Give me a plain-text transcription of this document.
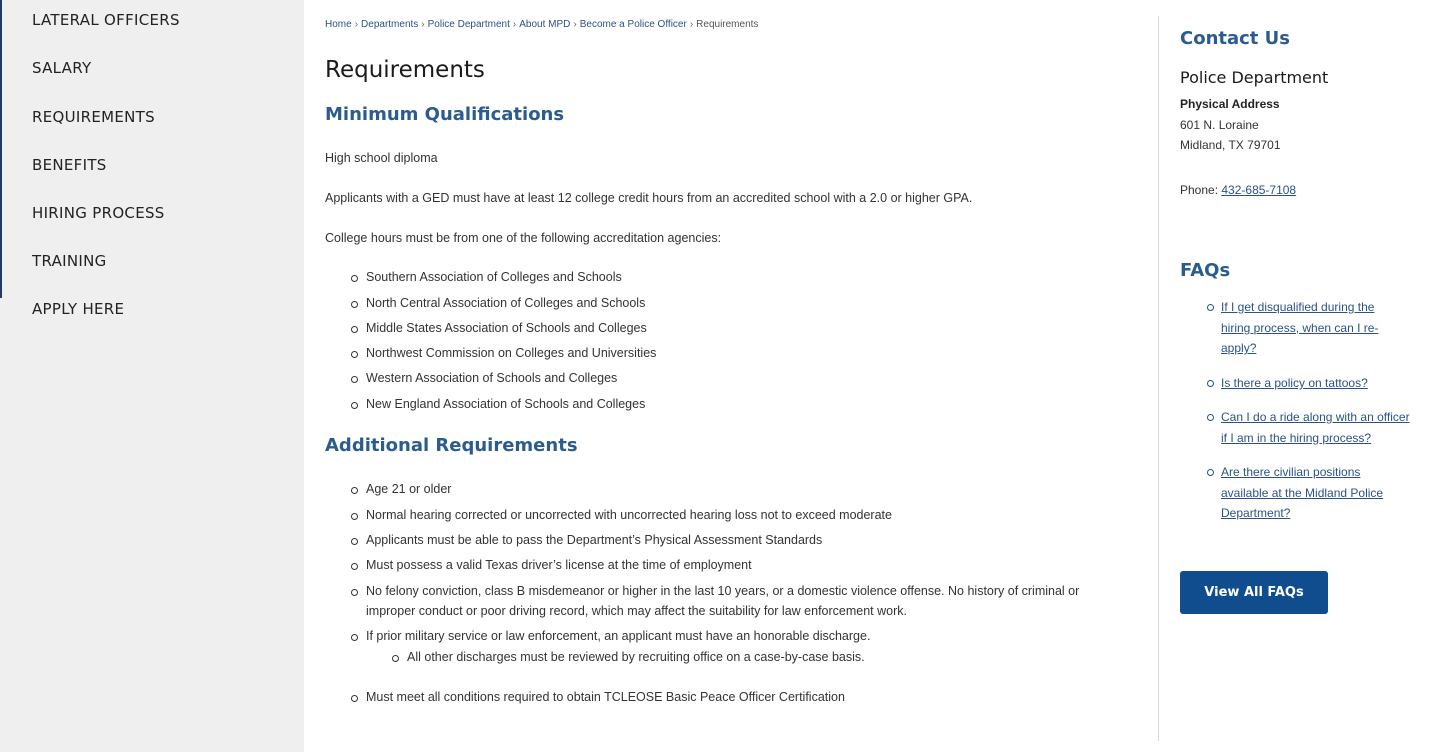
LATERAL OFFICERS
SALARY
REQUIREMENTS
BENEFITS
HIRING PROCESS
TRAINING
APPLY HERE
Home › Departments › Police Department › About MPD › Become a Police Officer › Requirements
Requirements
Minimum Qualifications

High school diploma

Applicants with a GED must have at least 12 college credit hours from an accredited school with a 2.0 or higher GPA.

College hours must be from one of the following accreditation agencies:

Southern Association of Colleges and Schools
North Central Association of Colleges and Schools
Middle States Association of Schools and Colleges
Northwest Commission on Colleges and Universities
Western Association of Schools and Colleges
New England Association of Schools and Colleges
Additional Requirements
Age 21 or older
Normal hearing corrected or uncorrected with uncorrected hearing loss not to exceed moderate
Applicants must be able to pass the Department’s Physical Assessment Standards
Must possess a valid Texas driver’s license at the time of employment
No felony conviction, class B misdemeanor or higher in the last 10 years, or a domestic violence offense. No history of criminal or
improper conduct or poor driving record, which may affect the suitability for law enforcement work.
If prior military service or law enforcement, an applicant must have an honorable discharge.
Must meet all conditions required to obtain TCLEOSE Basic Peace Officer Certification
All other discharges must be reviewed by recruiting office on a case-by-case basis.
Contact Us
Police Department
Physical Address
601 N. Loraine
Midland, TX 79701
Phone: 432-685-7108
FAQs
If I get disqualified during the
hiring process, when can I re-
apply?
Is there a policy on tattoos?
Can I do a ride along with an officer
if I am in the hiring process?
Are there civilian positions
available at the Midland Police
Department?
View All FAQs
